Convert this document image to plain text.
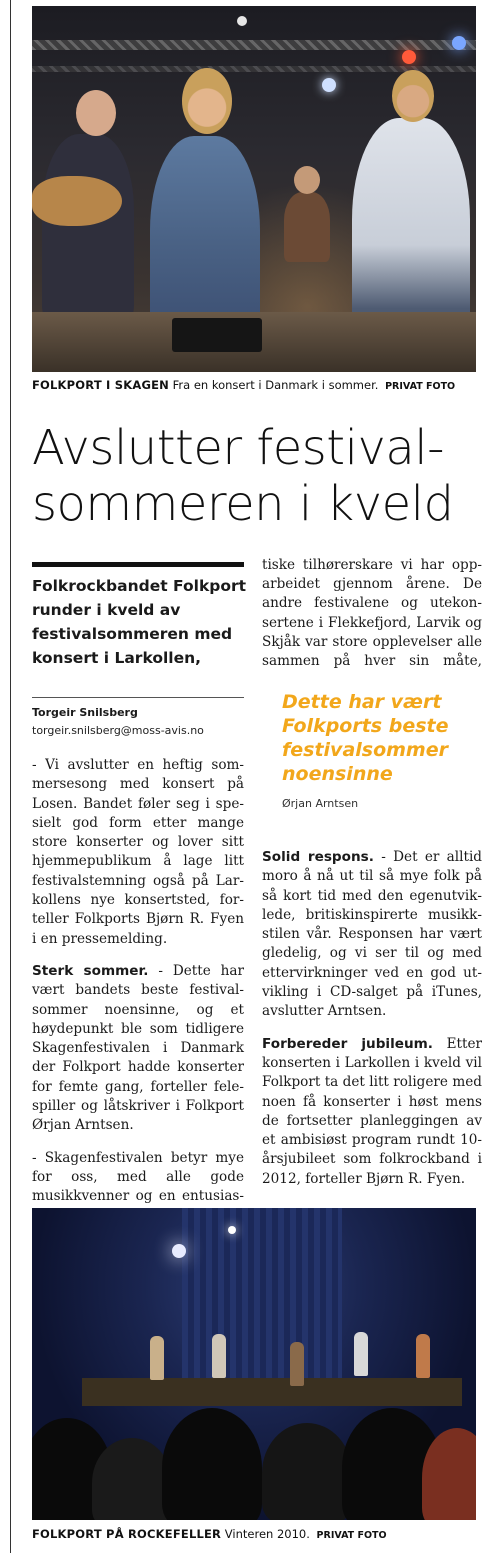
FOLKPORT I SKAGEN Fra en konsert i Danmark i sommer. PRIVAT FOTO
Avslutter festival-
sommeren i kveld
Folkrockbandet Folkport runder i kveld av festivalsommeren med konsert i Larkollen,
Torgeir Snilsberg
torgeir.snilsberg@moss-avis.no

- Vi avslutter en heftig sommersesong med konsert på Losen. Bandet føler seg i spesielt god form etter mange store konserter og lover sitt hjemmepublikum å lage litt festivalstemning også på Larkollens nye konsertsted, forteller Folkports Bjørn R. Fyen i en pressemelding.

Sterk sommer. - Dette har vært bandets beste festivalsommer noensinne, og et høydepunkt ble som tidligere Skagenfestivalen i Danmark der Folkport hadde konserter for femte gang, forteller felespiller og låtskriver i Folkport Ørjan Arntsen.

- Skagenfestivalen betyr mye for oss, med alle gode musikkvenner og en entusias

iske tilhørerskare vi har opparbeidet gjennom årene. De andre festivalene og utekonsertene i Flekkefjord, Larvik og Skjåk var store opplevelser alle sammen på hver sin måte,

Dette har vært Folkports beste festivalsommer noensinne
Ørjan Arntsen

Solid respons. - Det er alltid moro å nå ut til så mye folk på så kort tid med den egenutviklede, britiskinspirerte musikkstilen vår. Responsen har vært gledelig, og vi ser til og med ettervirkninger ved en god utvikling i CD-salget på iTunes, avslutter Arntsen.

Forbereder jubileum. Etter konserten i Larkollen i kveld vil Folkport ta det litt roligere med noen få konserter i høst mens de fortsetter planleggingen av et ambisiøst program rundt 10-årsjubileet som folkrockband i 2012, forteller Bjørn R. Fyen.

FOLKPORT PÅ ROCKEFELLER Vinteren 2010. PRIVAT FOTO
